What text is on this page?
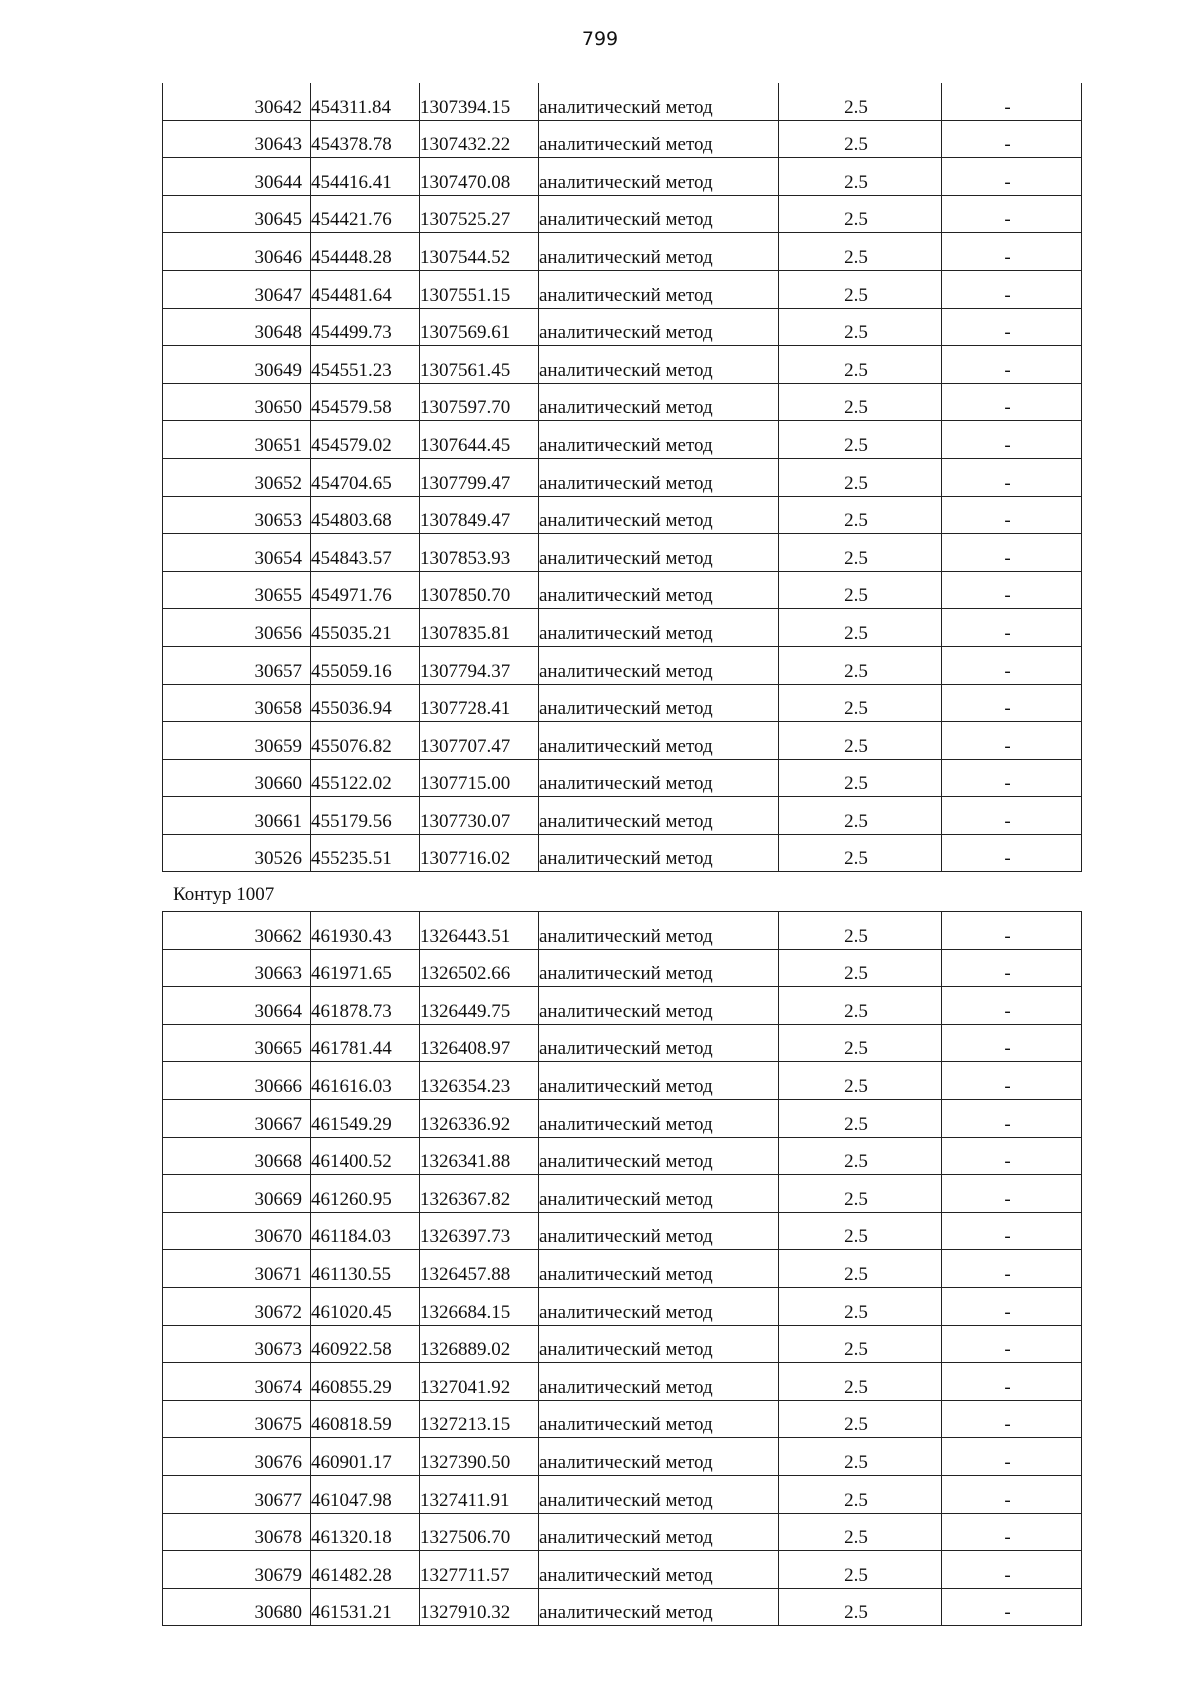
799
30642	454311.84	1307394.15	аналитический метод	2.5	-
30643	454378.78	1307432.22	аналитический метод	2.5	-
30644	454416.41	1307470.08	аналитический метод	2.5	-
30645	454421.76	1307525.27	аналитический метод	2.5	-
30646	454448.28	1307544.52	аналитический метод	2.5	-
30647	454481.64	1307551.15	аналитический метод	2.5	-
30648	454499.73	1307569.61	аналитический метод	2.5	-
30649	454551.23	1307561.45	аналитический метод	2.5	-
30650	454579.58	1307597.70	аналитический метод	2.5	-
30651	454579.02	1307644.45	аналитический метод	2.5	-
30652	454704.65	1307799.47	аналитический метод	2.5	-
30653	454803.68	1307849.47	аналитический метод	2.5	-
30654	454843.57	1307853.93	аналитический метод	2.5	-
30655	454971.76	1307850.70	аналитический метод	2.5	-
30656	455035.21	1307835.81	аналитический метод	2.5	-
30657	455059.16	1307794.37	аналитический метод	2.5	-
30658	455036.94	1307728.41	аналитический метод	2.5	-
30659	455076.82	1307707.47	аналитический метод	2.5	-
30660	455122.02	1307715.00	аналитический метод	2.5	-
30661	455179.56	1307730.07	аналитический метод	2.5	-
30526	455235.51	1307716.02	аналитический метод	2.5	-
Контур 1007
30662	461930.43	1326443.51	аналитический метод	2.5	-
30663	461971.65	1326502.66	аналитический метод	2.5	-
30664	461878.73	1326449.75	аналитический метод	2.5	-
30665	461781.44	1326408.97	аналитический метод	2.5	-
30666	461616.03	1326354.23	аналитический метод	2.5	-
30667	461549.29	1326336.92	аналитический метод	2.5	-
30668	461400.52	1326341.88	аналитический метод	2.5	-
30669	461260.95	1326367.82	аналитический метод	2.5	-
30670	461184.03	1326397.73	аналитический метод	2.5	-
30671	461130.55	1326457.88	аналитический метод	2.5	-
30672	461020.45	1326684.15	аналитический метод	2.5	-
30673	460922.58	1326889.02	аналитический метод	2.5	-
30674	460855.29	1327041.92	аналитический метод	2.5	-
30675	460818.59	1327213.15	аналитический метод	2.5	-
30676	460901.17	1327390.50	аналитический метод	2.5	-
30677	461047.98	1327411.91	аналитический метод	2.5	-
30678	461320.18	1327506.70	аналитический метод	2.5	-
30679	461482.28	1327711.57	аналитический метод	2.5	-
30680	461531.21	1327910.32	аналитический метод	2.5	-
